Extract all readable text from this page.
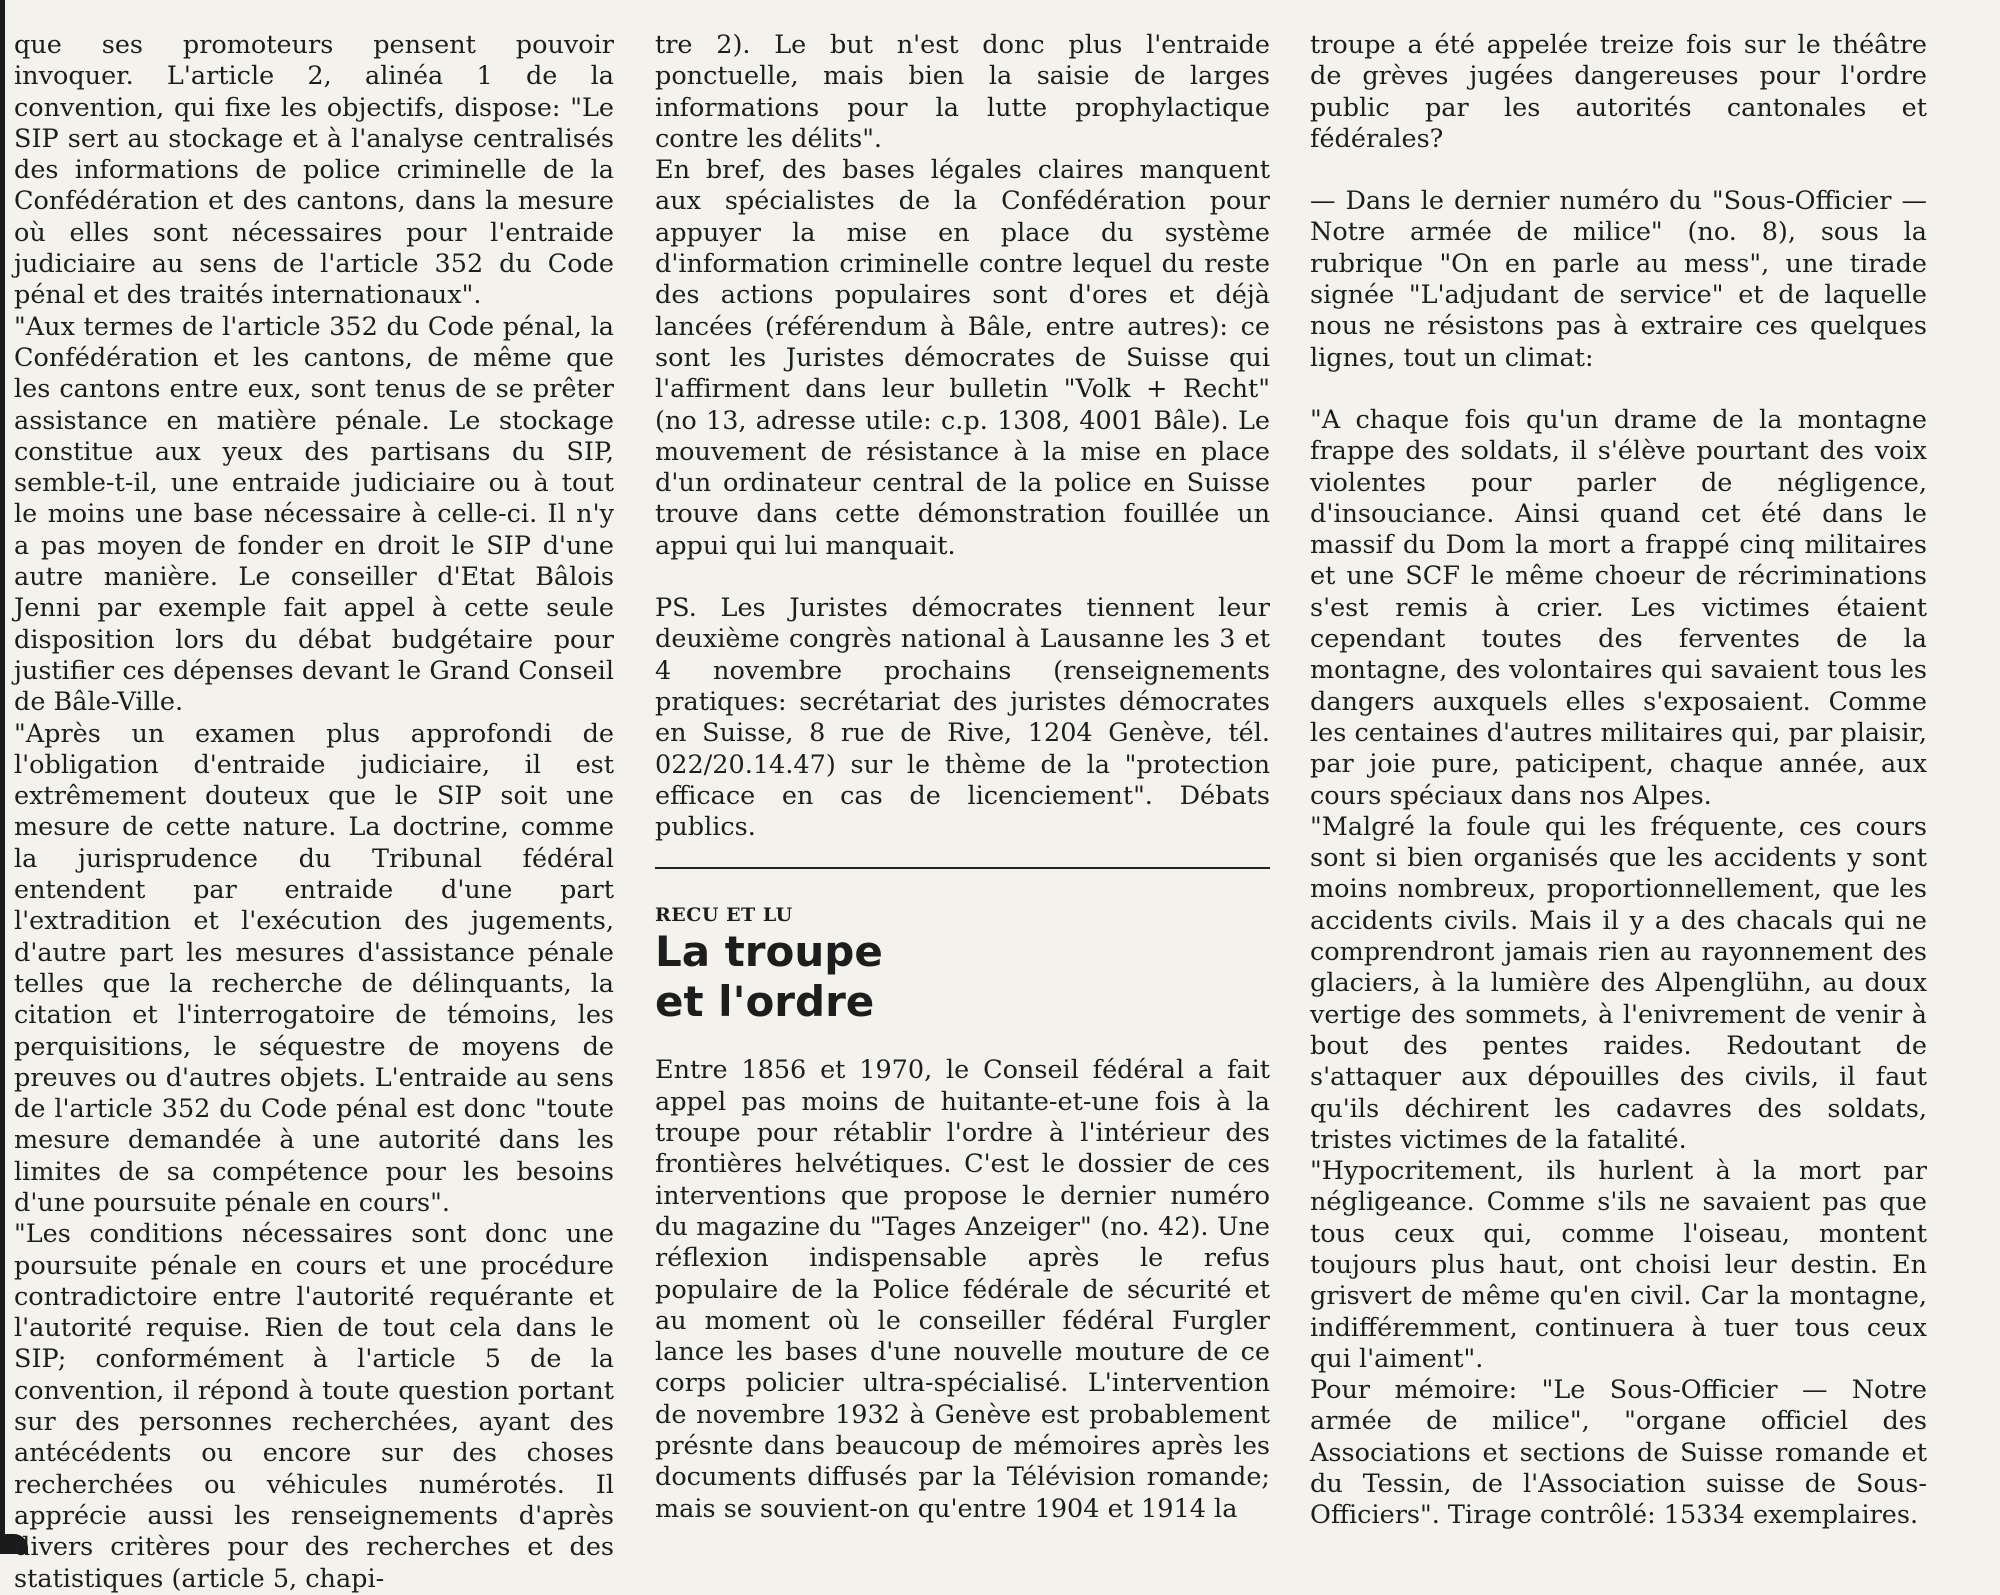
que ses promoteurs pensent pouvoir invoquer. L'article 2, alinéa 1 de la convention, qui fixe les objectifs, dispose: "Le SIP sert au stockage et à l'analyse centralisés des informations de police criminelle de la Confédération et des cantons, dans la mesure où elles sont nécessaires pour l'entraide judiciaire au sens de l'article 352 du Code pénal et des traités internationaux".

"Aux termes de l'article 352 du Code pénal, la Confédération et les cantons, de même que les cantons entre eux, sont tenus de se prêter assistance en matière pénale. Le stockage constitue aux yeux des partisans du SIP, semble-t-il, une entraide judiciaire ou à tout le moins une base nécessaire à celle-ci. Il n'y a pas moyen de fonder en droit le SIP d'une autre manière. Le conseiller d'Etat Bâlois Jenni par exemple fait appel à cette seule disposition lors du débat budgétaire pour justifier ces dépenses devant le Grand Conseil de Bâle-Ville.

"Après un examen plus approfondi de l'obligation d'entraide judiciaire, il est extrêmement douteux que le SIP soit une mesure de cette nature. La doctrine, comme la jurisprudence du Tribunal fédéral entendent par entraide d'une part l'extradition et l'exécution des jugements, d'autre part les mesures d'assistance pénale telles que la recherche de délinquants, la citation et l'interrogatoire de témoins, les perquisitions, le séquestre de moyens de preuves ou d'autres objets. L'entraide au sens de l'article 352 du Code pénal est donc "toute mesure demandée à une autorité dans les limites de sa compétence pour les besoins d'une poursuite pénale en cours".

"Les conditions nécessaires sont donc une poursuite pénale en cours et une procédure contradictoire entre l'autorité requérante et l'autorité requise. Rien de tout cela dans le SIP; conformément à l'article 5 de la convention, il répond à toute question portant sur des personnes recherchées, ayant des antécédents ou encore sur des choses recherchées ou véhicules numérotés. Il apprécie aussi les renseignements d'après divers critères pour des recherches et des statistiques (article 5, chapi-

tre 2). Le but n'est donc plus l'entraide ponctuelle, mais bien la saisie de larges informations pour la lutte prophylactique contre les délits".

En bref, des bases légales claires manquent aux spécialistes de la Confédération pour appuyer la mise en place du système d'information criminelle contre lequel du reste des actions populaires sont d'ores et déjà lancées (référendum à Bâle, entre autres): ce sont les Juristes démocrates de Suisse qui l'affirment dans leur bulletin "Volk + Recht" (no 13, adresse utile: c.p. 1308, 4001 Bâle). Le mouvement de résistance à la mise en place d'un ordinateur central de la police en Suisse trouve dans cette démonstration fouillée un appui qui lui manquait.

PS. Les Juristes démocrates tiennent leur deuxième congrès national à Lausanne les 3 et 4 novembre prochains (renseignements pratiques: secrétariat des juristes démocrates en Suisse, 8 rue de Rive, 1204 Genève, tél. 022/20.14.47) sur le thème de la "protection efficace en cas de licenciement". Débats publics.

RECU ET LU

La troupe
et l'ordre

Entre 1856 et 1970, le Conseil fédéral a fait appel pas moins de huitante-et-une fois à la troupe pour rétablir l'ordre à l'intérieur des frontières helvétiques. C'est le dossier de ces interventions que propose le dernier numéro du magazine du "Tages Anzeiger" (no. 42). Une réflexion indispensable après le refus populaire de la Police fédérale de sécurité et au moment où le conseiller fédéral Furgler lance les bases d'une nouvelle mouture de ce corps policier ultra-spécialisé. L'intervention de novembre 1932 à Genève est probablement présnte dans beaucoup de mémoires après les documents diffusés par la Télévision romande; mais se souvient-on qu'entre 1904 et 1914 la

troupe a été appelée treize fois sur le théâtre de grèves jugées dangereuses pour l'ordre public par les autorités cantonales et fédérales?

— Dans le dernier numéro du "Sous-Officier — Notre armée de milice" (no. 8), sous la rubrique "On en parle au mess", une tirade signée "L'adjudant de service" et de laquelle nous ne résistons pas à extraire ces quelques lignes, tout un climat:

"A chaque fois qu'un drame de la montagne frappe des soldats, il s'élève pourtant des voix violentes pour parler de négligence, d'insouciance. Ainsi quand cet été dans le massif du Dom la mort a frappé cinq militaires et une SCF le même choeur de récriminations s'est remis à crier. Les victimes étaient cependant toutes des ferventes de la montagne, des volontaires qui savaient tous les dangers auxquels elles s'exposaient. Comme les centaines d'autres militaires qui, par plaisir, par joie pure, paticipent, chaque année, aux cours spéciaux dans nos Alpes.

"Malgré la foule qui les fréquente, ces cours sont si bien organisés que les accidents y sont moins nombreux, proportionnellement, que les accidents civils. Mais il y a des chacals qui ne comprendront jamais rien au rayonnement des glaciers, à la lumière des Alpenglühn, au doux vertige des sommets, à l'enivrement de venir à bout des pentes raides. Redoutant de s'attaquer aux dépouilles des civils, il faut qu'ils déchirent les cadavres des soldats, tristes victimes de la fatalité.

"Hypocritement, ils hurlent à la mort par négligeance. Comme s'ils ne savaient pas que tous ceux qui, comme l'oiseau, montent toujours plus haut, ont choisi leur destin. En grisvert de même qu'en civil. Car la montagne, indifféremment, continuera à tuer tous ceux qui l'aiment".

Pour mémoire: "Le Sous-Officier — Notre armée de milice", "organe officiel des Associations et sections de Suisse romande et du Tessin, de l'Association suisse de Sous-Officiers". Tirage contrôlé: 15334 exemplaires.
